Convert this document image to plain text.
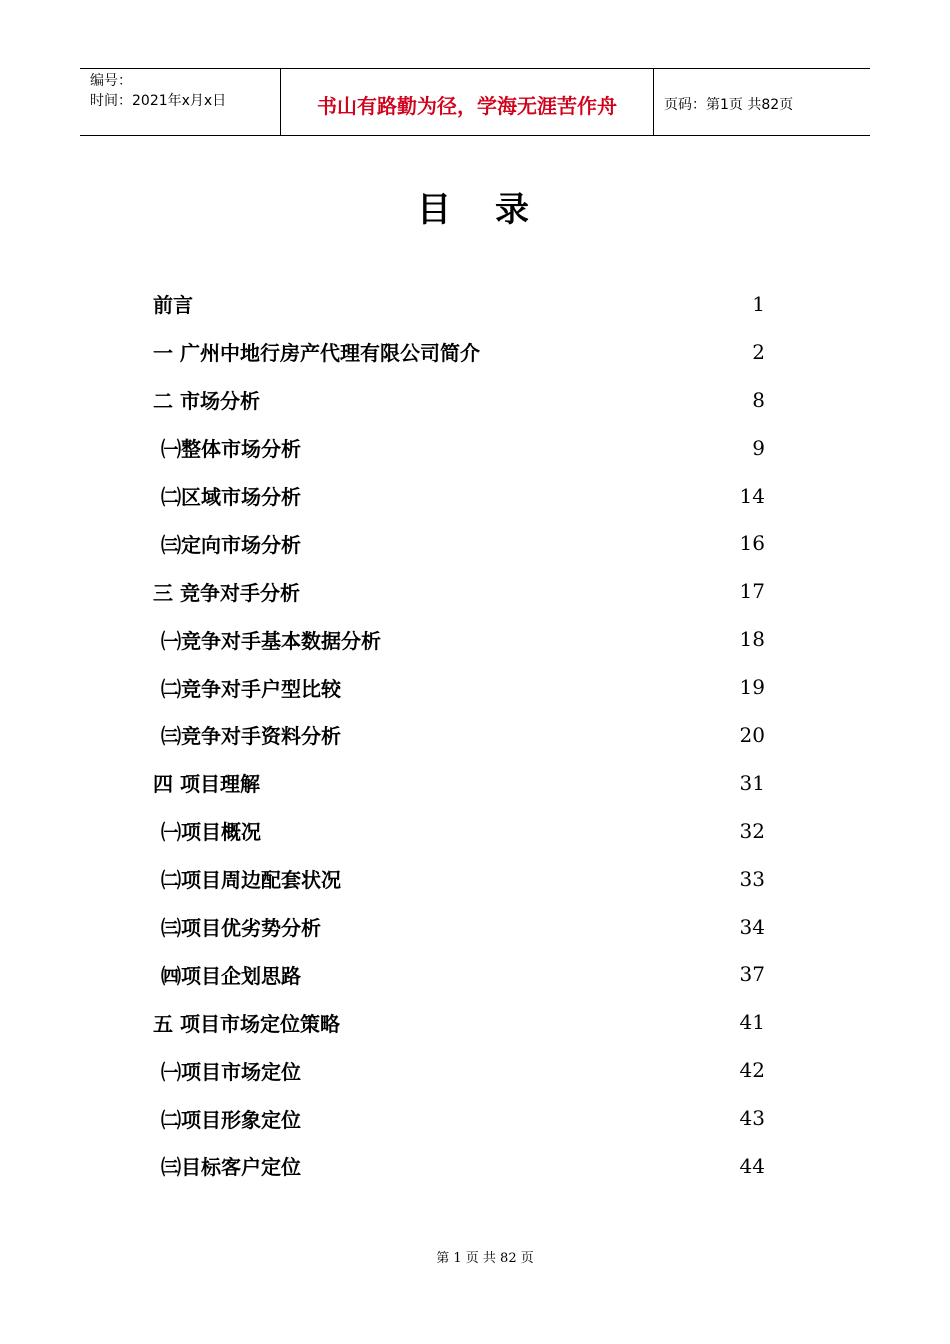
编号：
时间：2021年x月x日	书山有路勤为径，学海无涯苦作舟	页码：第1页 共82页
目录
前言	1
一 广州中地行房产代理有限公司简介	2
二 市场分析	8
㈠整体市场分析	9
㈡区域市场分析	14
㈢定向市场分析	16
三 竞争对手分析	17
㈠竞争对手基本数据分析	18
㈡竞争对手户型比较	19
㈢竞争对手资料分析	20
四 项目理解	31
㈠项目概况	32
㈡项目周边配套状况	33
㈢项目优劣势分析	34
㈣项目企划思路	37
五 项目市场定位策略	41
㈠项目市场定位	42
㈡项目形象定位	43
㈢目标客户定位	44
第 1 页 共 82 页
